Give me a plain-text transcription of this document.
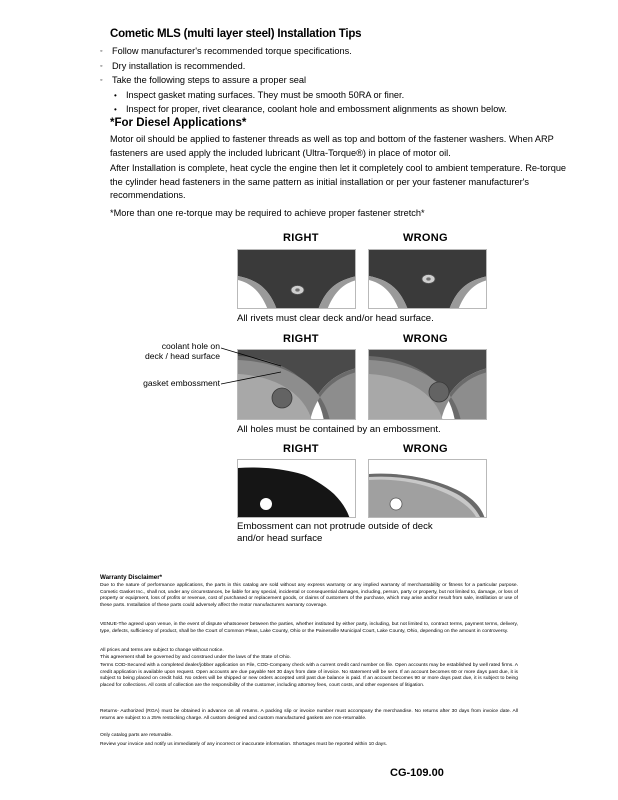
Cometic MLS (multi layer steel) Installation Tips
◦ Follow manufacturer's recommended torque specifications.
◦ Dry installation is recommended.
◦ Take the following steps to assure a proper seal
• Inspect gasket mating surfaces. They must be smooth 50RA or finer.
• Inspect for proper, rivet clearance, coolant hole and embossment alignments as shown below.
*For Diesel Applications*
Motor oil should be applied to fastener threads as well as top and bottom of the fastener washers. When ARP fasteners are used apply the included lubricant (Ultra-Torque®) in place of motor oil.
After Installation is complete, heat cycle the engine then let it completely cool to ambient temperature. Re-torque the cylinder head fasteners in the same pattern as initial installation or per your fastener manufacturer's recommendations.
*More than one re-torque may be required to achieve proper fastener stretch*
RIGHT	WRONG
All rivets must clear deck and/or head surface.
RIGHT	WRONG
coolant hole on
deck / head surface
gasket embossment
All holes must be contained by an embossment.
RIGHT	WRONG
Embossment can not protrude outside of deck
and/or head surface
Warranty Disclaimer*
Due to the nature of performance applications, the parts in this catalog are sold without any express warranty or any implied warranty of merchantability or fitness for a particular purpose. Cometic Gasket Inc., shall not, under any circumstances, be liable for any special, incidental or consequential damages, including, person, party or property, but not limited to, damage, or loss of property or equipment, loss of profits or revenue, cost of purchased or replacement goods, or claims of customers of the purchase, which may arise and/or result from sale, instillation or use of these parts. Installation of these parts could adversely affect the motor manufacturers warranty coverage.
VENUE-The agreed upon venue, in the event of dispute whatsoever between the parties, whether instituted by either party, including, but not limited to, contract terms, payment terms, delivery, type, defects, sufficiency of product, shall be the Court of Common Pleas, Lake County, Ohio or the Painesville Municipal Court, Lake County, Ohio, depending on the amount in controversy.
This agreement shall be governed by and construed under the laws of the State of Ohio.
All prices and terms are subject to change without notice.
Terms COD-Secured with a completed dealer/jobber application on File, COD-Company check with a current credit card number on file. Open accounts may be established by well rated firms. A credit application is available upon request. Open accounts are due payable Net 30 days from date of invoice. No statement will be sent. If an account becomes 60 or more days past due, it is subject to being placed on credit hold. No orders will be shipped or new orders accepted until past due balance is paid. If an account becomes 90 or more days past due, it is subject to being placed for collections. All costs of collection are the responsibility of the customer, including attorney fees, court costs, and other expenses of litigation.
Returns- Authorized (RGA) must be obtained in advance on all returns. A packing slip or invoice number must accompany the merchandise. No returns after 30 days from invoice date. All returns are subject to a 25% restocking charge. All custom designed and custom manufactured gaskets are non-returnable.
Only catalog parts are returnable.
Review your invoice and notify us immediately of any incorrect or inaccurate information. Shortages must be reported within 10 days.
CG-109.00
